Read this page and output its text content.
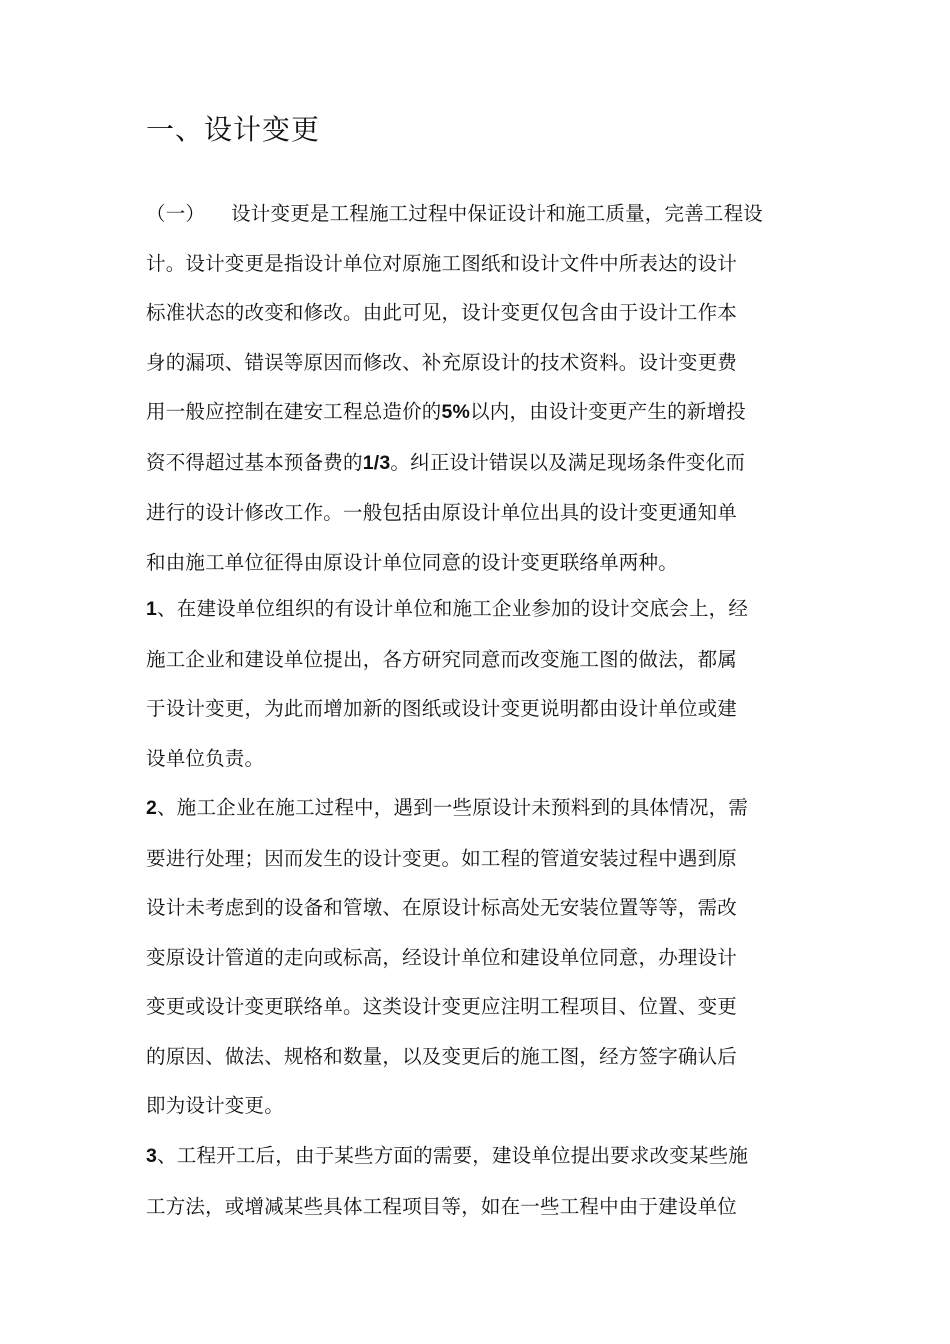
一、设计变更
（一） 设计变更是工程施工过程中保证设计和施工质量，完善工程设
计。设计变更是指设计单位对原施工图纸和设计文件中所表达的设计
标准状态的改变和修改。由此可见，设计变更仅包含由于设计工作本
身的漏项、错误等原因而修改、补充原设计的技术资料。设计变更费
用一般应控制在建安工程总造价的5%以内，由设计变更产生的新增投
资不得超过基本预备费的1/3。纠正设计错误以及满足现场条件变化而
进行的设计修改工作。一般包括由原设计单位出具的设计变更通知单
和由施工单位征得由原设计单位同意的设计变更联络单两种。
1、在建设单位组织的有设计单位和施工企业参加的设计交底会上，经
施工企业和建设单位提出，各方研究同意而改变施工图的做法，都属
于设计变更，为此而增加新的图纸或设计变更说明都由设计单位或建
设单位负责。
2、施工企业在施工过程中，遇到一些原设计未预料到的具体情况，需
要进行处理；因而发生的设计变更。如工程的管道安装过程中遇到原
设计未考虑到的设备和管墩、在原设计标高处无安装位置等等，需改
变原设计管道的走向或标高，经设计单位和建设单位同意，办理设计
变更或设计变更联络单。这类设计变更应注明工程项目、位置、变更
的原因、做法、规格和数量，以及变更后的施工图，经方签字确认后
即为设计变更。
3、工程开工后，由于某些方面的需要，建设单位提出要求改变某些施
工方法，或增减某些具体工程项目等，如在一些工程中由于建设单位
